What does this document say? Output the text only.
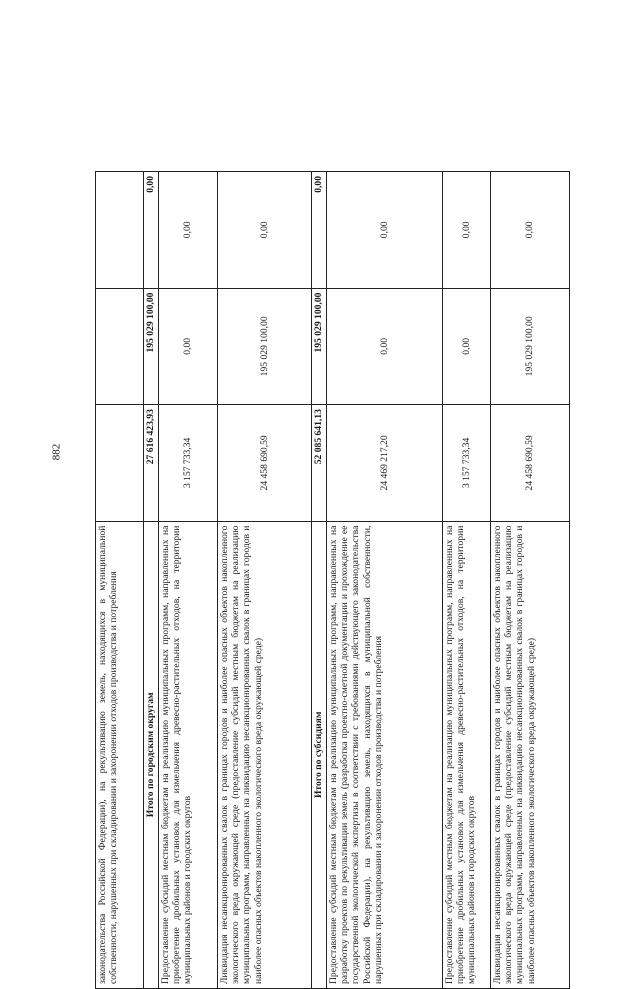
882
законодательства Российской Федерации), на рекультивацию земель, находящихся в муниципальной собственности, нарушенных при складировании и захоронении отходов производства и потребления			
Итого по городским округам	27 616 423,93	195 029 100,00	0,00
Предоставление субсидий местным бюджетам на реализацию муниципальных программ, направленных на приобретение дробильных установок для измельчения древесно-растительных отходов, на территории муниципальных районов и городских округов	3 157 733,34	0,00	0,00
Ликвидация несанкционированных свалок в границах городов и наиболее опасных объектов накопленного экологического вреда окружающей среде (предоставление субсидий местным бюджетам на реализацию муниципальных программ, направленных на ликвидацию несанкционированных свалок в границах городов и наиболее опасных объектов накопленного экологического вреда окружающей среде)	24 458 690,59	195 029 100,00	0,00
Итого по субсидиям	52 085 641,13	195 029 100,00	0,00
Предоставление субсидий местным бюджетам на реализацию муниципальных программ, направленных на разработку проектов по рекультивации земель (разработка проектно-сметной документации и прохождение ее государственной экологической экспертизы в соответствии с требованиями действующего законодательства Российской Федерации), на рекультивацию земель, находящихся в муниципальной собственности, нарушенных при складировании и захоронении отходов производства и потребления	24 469 217,20	0,00	0,00
Предоставление субсидий местным бюджетам на реализацию муниципальных программ, направленных на приобретение дробильных установок для измельчения древесно-растительных отходов, на территории муниципальных районов и городских округов	3 157 733,34	0,00	0,00
Ликвидация несанкционированных свалок в границах городов и наиболее опасных объектов накопленного экологического вреда окружающей среде (предоставление субсидий местным бюджетам на реализацию муниципальных программ, направленных на ликвидацию несанкционированных свалок в границах городов и наиболее опасных объектов накопленного экологического вреда окружающей среде)	24 458 690,59	195 029 100,00	0,00
